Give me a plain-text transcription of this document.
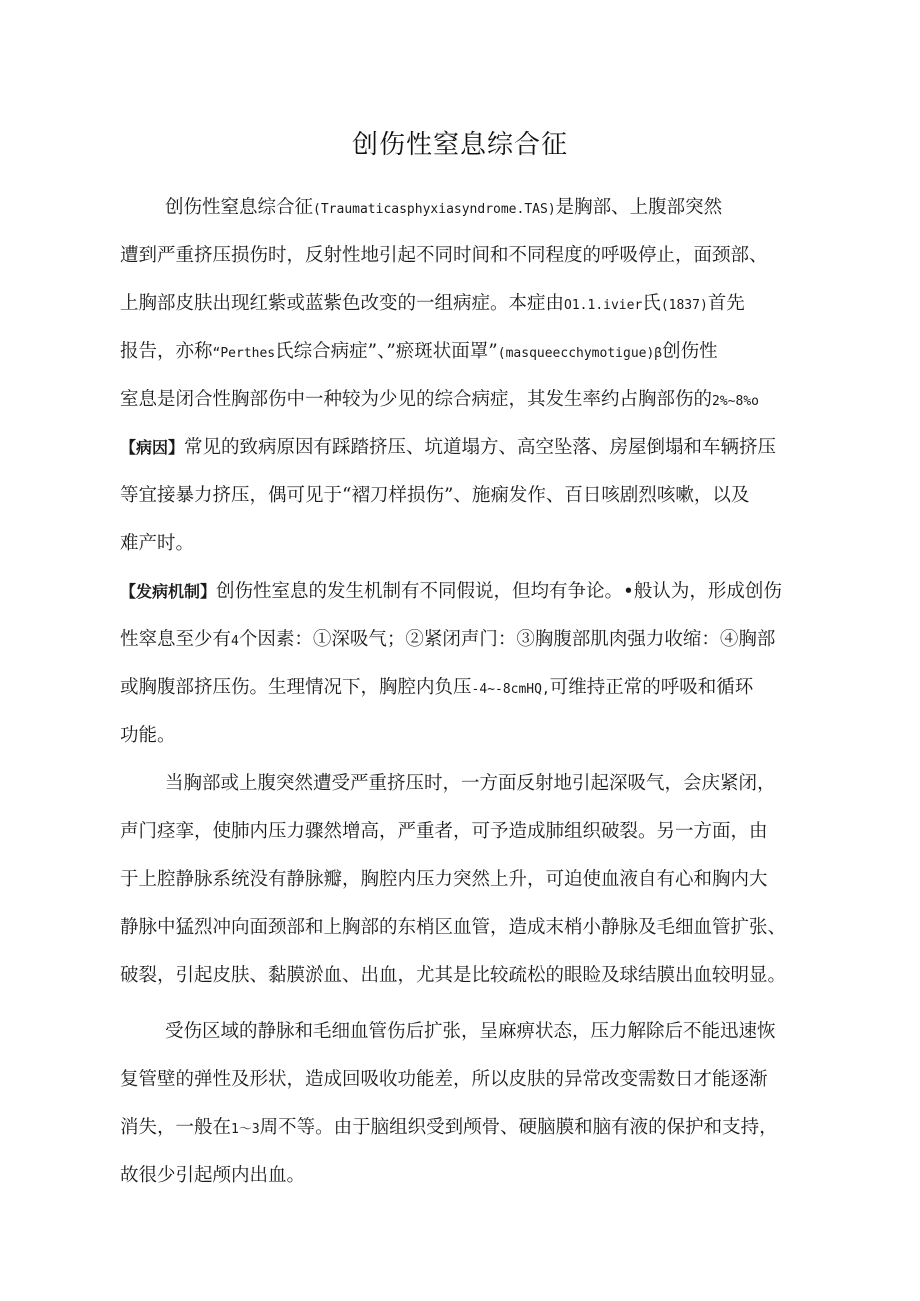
创伤性窒息综合征
创伤性窒息综合征(Traumaticasphyxiasyndrome.TAS)是胸部、上腹部突然
遭到严重挤压损伤时，反射性地引起不同时间和不同程度的呼吸停止，面颈部、
上胸部皮肤出现红紫或蓝紫色改变的一组病症。本症由O1.1.ivier氏(1837)首先
报告，亦称“Perthes氏综合病症”、”瘀斑状面罩”(masqueecchymotigue)β创伤性
室息是闭合性胸部伤中一种较为少见的综合病症，其发生率约占胸部伤的2%~8%o
【病因】常见的致病原因有踩踏挤压、坑道塌方、高空坠落、房屋倒塌和车辆挤压
等宜接暴力挤压，偶可见于“褶刀样损伤”、施痫发作、百日咳剧烈咳嗽，以及
难产时。
【发病机制】创伤性室息的发生机制有不同假说，但均有争论。•般认为，形成创伤
性窣息至少有4个因素：①深吸气；②紧闭声门：③胸腹部肌肉强力收缩：④胸部
或胸腹部挤压伤。生理情况下，胸腔内负压-4~-8cmHQ,可维持正常的呼吸和循环
功能。
当胸部或上腹突然遭受严重挤压时，一方面反射地引起深吸气，会庆紧闭，
声门痉挛，使肺内压力骤然增高，严重者，可予造成肺组织破裂。另一方面，由
于上腔静脉系统没有静脉瓣，胸腔内压力突然上升，可迫使血液自有心和胸内大
静脉中猛烈冲向面颈部和上胸部的东梢区血管，造成末梢小静脉及毛细血管扩张、
破裂，引起皮肤、黏膜淤血、出血，尤其是比较疏松的眼睑及球结膜出血较明显。
受伤区域的静脉和毛细血管伤后扩张，呈麻痹状态，压力解除后不能迅速恢
复管壁的弹性及形状，造成回吸收功能差，所以皮肤的异常改变需数日才能逐渐
消失，一般在1～3周不等。由于脑组织受到颅骨、硬脑膜和脑有液的保护和支持，
故很少引起颅内出血。
